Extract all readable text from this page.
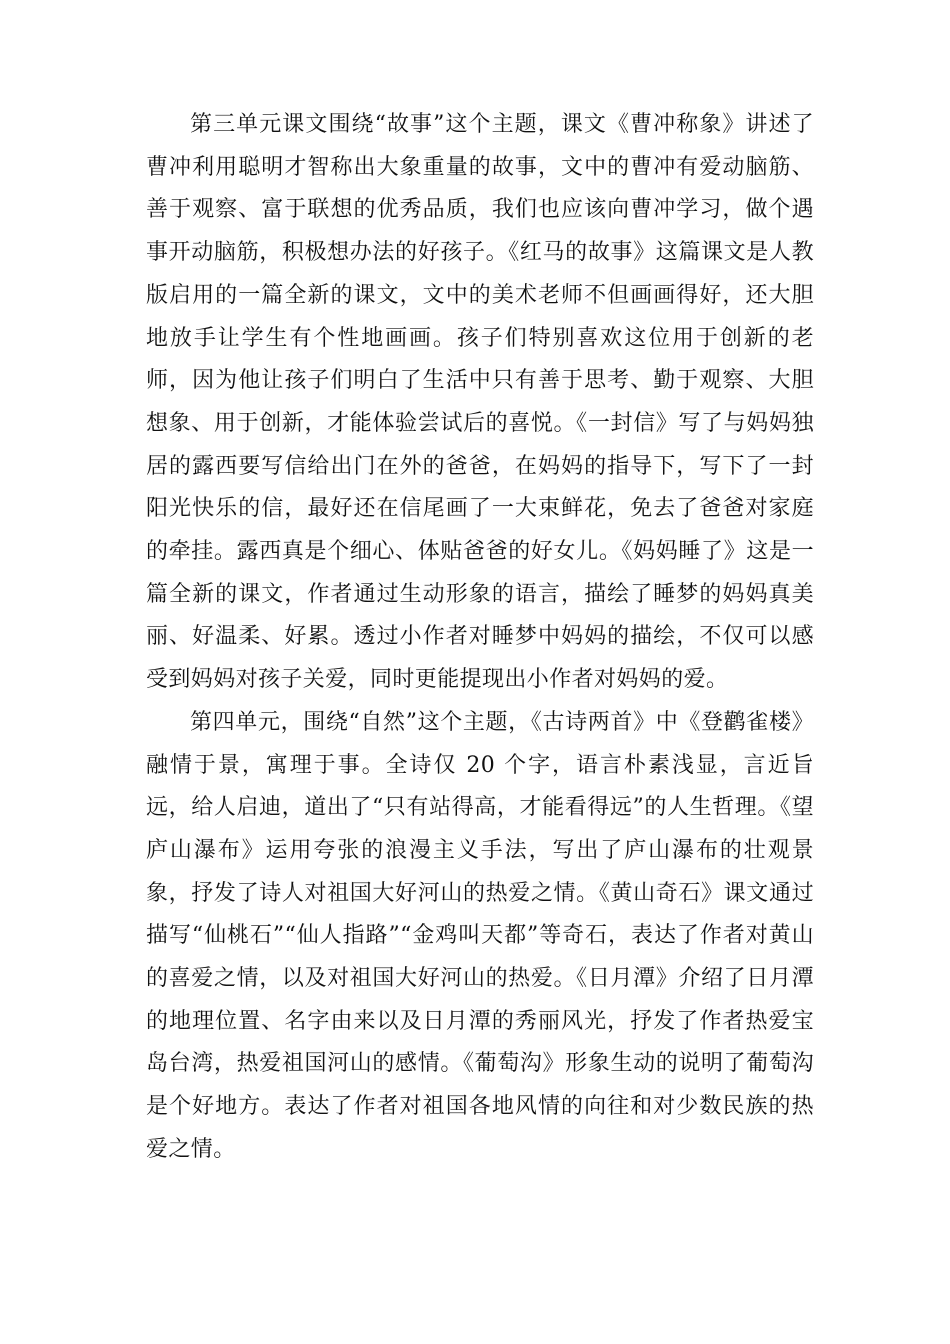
第三单元课文围绕“故事”这个主题，课文《曹冲称象》讲述了曹冲利用聪明才智称出大象重量的故事，文中的曹冲有爱动脑筋、善于观察、富于联想的优秀品质，我们也应该向曹冲学习，做个遇事开动脑筋，积极想办法的好孩子。《红马的故事》这篇课文是人教版启用的一篇全新的课文，文中的美术老师不但画画得好，还大胆地放手让学生有个性地画画。孩子们特别喜欢这位用于创新的老师，因为他让孩子们明白了生活中只有善于思考、勤于观察、大胆想象、用于创新，才能体验尝试后的喜悦。《一封信》写了与妈妈独居的露西要写信给出门在外的爸爸，在妈妈的指导下，写下了一封阳光快乐的信，最好还在信尾画了一大束鲜花，免去了爸爸对家庭的牵挂。露西真是个细心、体贴爸爸的好女儿。《妈妈睡了》这是一篇全新的课文，作者通过生动形象的语言，描绘了睡梦的妈妈真美丽、好温柔、好累。透过小作者对睡梦中妈妈的描绘，不仅可以感受到妈妈对孩子关爱，同时更能提现出小作者对妈妈的爱。

第四单元，围绕“自然”这个主题，《古诗两首》中《登鹳雀楼》融情于景，寓理于事。全诗仅 20 个字，语言朴素浅显，言近旨远，给人启迪，道出了“只有站得高，才能看得远”的人生哲理。《望庐山瀑布》运用夸张的浪漫主义手法，写出了庐山瀑布的壮观景象，抒发了诗人对祖国大好河山的热爱之情。《黄山奇石》课文通过描写“仙桃石”“仙人指路”“金鸡叫天都”等奇石，表达了作者对黄山的喜爱之情，以及对祖国大好河山的热爱。《日月潭》介绍了日月潭的地理位置、名字由来以及日月潭的秀丽风光，抒发了作者热爱宝岛台湾，热爱祖国河山的感情。《葡萄沟》形象生动的说明了葡萄沟是个好地方。表达了作者对祖国各地风情的向往和对少数民族的热爱之情。
